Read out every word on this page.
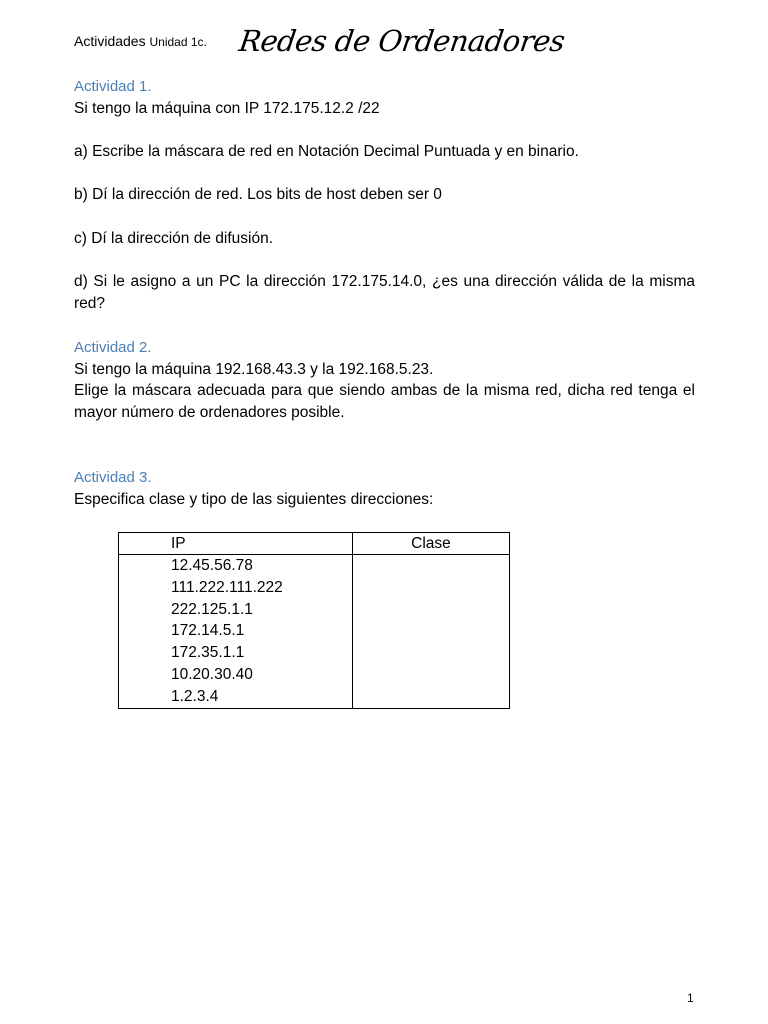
Actividades Unidad 1c. Redes de Ordenadores
Actividad 1.

Si tengo la máquina con IP 172.175.12.2 /22

a) Escribe la máscara de red en Notación Decimal Puntuada y en binario.

b) Dí la dirección de red. Los bits de host deben ser 0

c) Dí la dirección de difusión.

d) Si le asigno a un PC la dirección 172.175.14.0, ¿es una dirección válida de la misma red?

Actividad 2.

Si tengo la máquina 192.168.43.3 y la 192.168.5.23.

Elige la máscara adecuada para que siendo ambas de la misma red, dicha red tenga el mayor número de ordenadores posible.

Actividad 3.

Especifica clase y tipo de las siguientes direcciones:

IP	Clase
12.45.56.78	
111.222.111.222	
222.125.1.1	
172.14.5.1	
172.35.1.1	
10.20.30.40	
1.2.3.4	
1
